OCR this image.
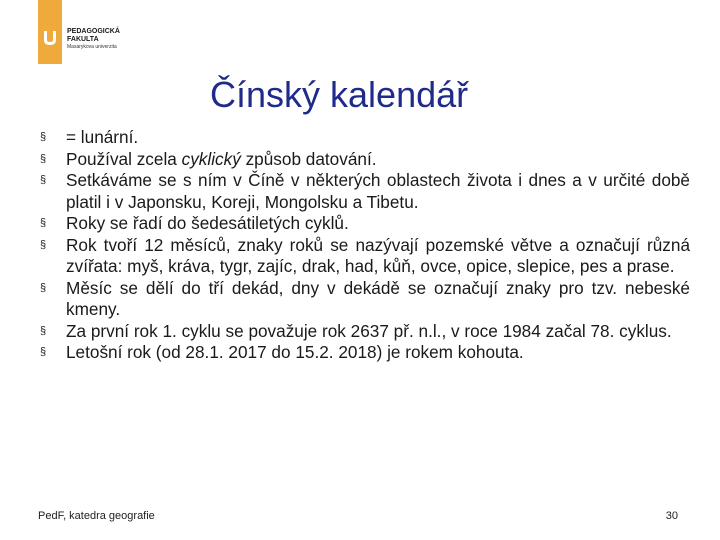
PEDAGOGICKÁ
FAKULTA
Masarykova univerzita
Čínský kalendář
§ = lunární.
§ Používal zcela cyklický způsob datování.
§ Setkáváme se s ním v Číně v některých oblastech života i dnes a v určité době platil i v Japonsku, Koreji, Mongolsku a Tibetu.
§ Roky se řadí do šedesátiletých cyklů.
§ Rok tvoří 12 měsíců, znaky roků se nazývají pozemské větve a označují různá zvířata: myš, kráva, tygr, zajíc, drak, had, kůň, ovce, opice, slepice, pes a prase.
§ Měsíc se dělí do tří dekád, dny v dekádě se označují znaky pro tzv. nebeské kmeny.
§ Za první rok 1. cyklu se považuje rok 2637 př. n.l., v roce 1984 začal 78. cyklus.
§ Letošní rok (od 28.1. 2017 do 15.2. 2018) je rokem kohouta.
PedF, katedra geografie	30
